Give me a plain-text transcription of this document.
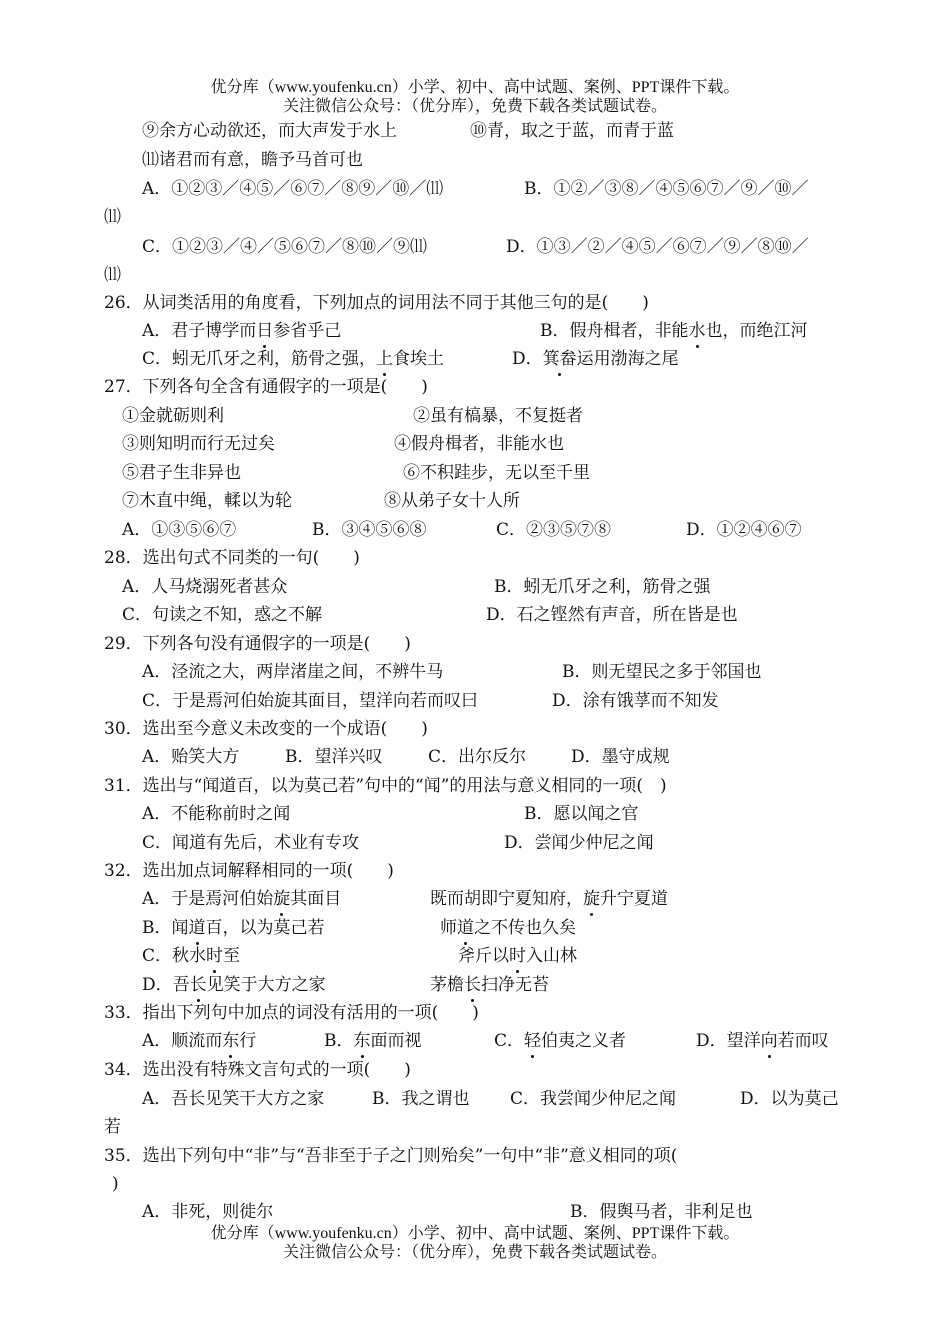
优分库（www.youfenku.cn）小学、初中、高中试题、案例、PPT课件下载。
关注微信公众号：（优分库），免费下载各类试题试卷。
⑨余方心动欲还，而大声发于水上	⑩青，取之于蓝，而青于蓝
⑾诸君而有意，瞻予马首可也
A．①②③／④⑤／⑥⑦／⑧⑨／⑩／⑾	B．①②／③⑧／④⑤⑥⑦／⑨／⑩／
⑾
C．①②③／④／⑤⑥⑦／⑧⑩／⑨⑾	D．①③／②／④⑤／⑥⑦／⑨／⑧⑩／
⑾
26．从词类活用的角度看，下列加点的词用法不同于其他三句的是(　　)
A．君子博学而日参省乎己	B．假舟楫者，非能水也，而绝江河
C．蚓无爪牙之利，筋骨之强，上食埃土	D．箕畚运用渤海之尾
27．下列各句全含有通假字的一项是(　　)
①金就砺则利	②虽有槁暴，不复挺者
③则知明而行无过矣	④假舟楫者，非能水也
⑤君子生非异也	⑥不积跬步，无以至千里
⑦木直中绳，輮以为轮	⑧从弟子女十人所
A．①③⑤⑥⑦	B．③④⑤⑥⑧	C．②③⑤⑦⑧	D．①②④⑥⑦
28．选出句式不同类的一句(　　)
A．人马烧溺死者甚众	B．蚓无爪牙之利，筋骨之强
C．句读之不知，惑之不解	D．石之铿然有声音，所在皆是也
29．下列各句没有通假字的一项是(　　)
A．泾流之大，两岸渚崖之间，不辨牛马	B．则无望民之多于邻国也
C．于是焉河伯始旋其面目，望洋向若而叹曰	D．涂有饿莩而不知发
30．选出至今意义未改变的一个成语(　　)
A．贻笑大方	B．望洋兴叹	C．出尔反尔	D．墨守成规
31．选出与“闻道百，以为莫己若”句中的“闻”的用法与意义相同的一项(　)
A．不能称前时之闻	B．愿以闻之官
C．闻道有先后，术业有专攻	D．尝闻少仲尼之闻
32．选出加点词解释相同的一项(　　)
A．于是焉河伯始旋其面目	既而胡即宁夏知府，旋升宁夏道
B．闻道百，以为莫己若	师道之不传也久矣
C．秋水时至	斧斤以时入山林
D．吾长见笑于大方之家	茅檐长扫净无苔
33．指出下列句中加点的词没有活用的一项(　　)
A．顺流而东行	B．东面而视	C．轻伯夷之义者	D．望洋向若而叹
34．选出没有特殊文言句式的一项(　　)
A．吾长见笑干大方之家	B．我之谓也 C．我尝闻少仲尼之闻	D．以为莫己
若
35．选出下列句中“非”与“吾非至于子之门则殆矣”一句中“非”意义相同的项(
)
A．非死，则徙尔	B．假舆马者，非利足也
优分库（www.youfenku.cn）小学、初中、高中试题、案例、PPT课件下载。
关注微信公众号：（优分库），免费下载各类试题试卷。
